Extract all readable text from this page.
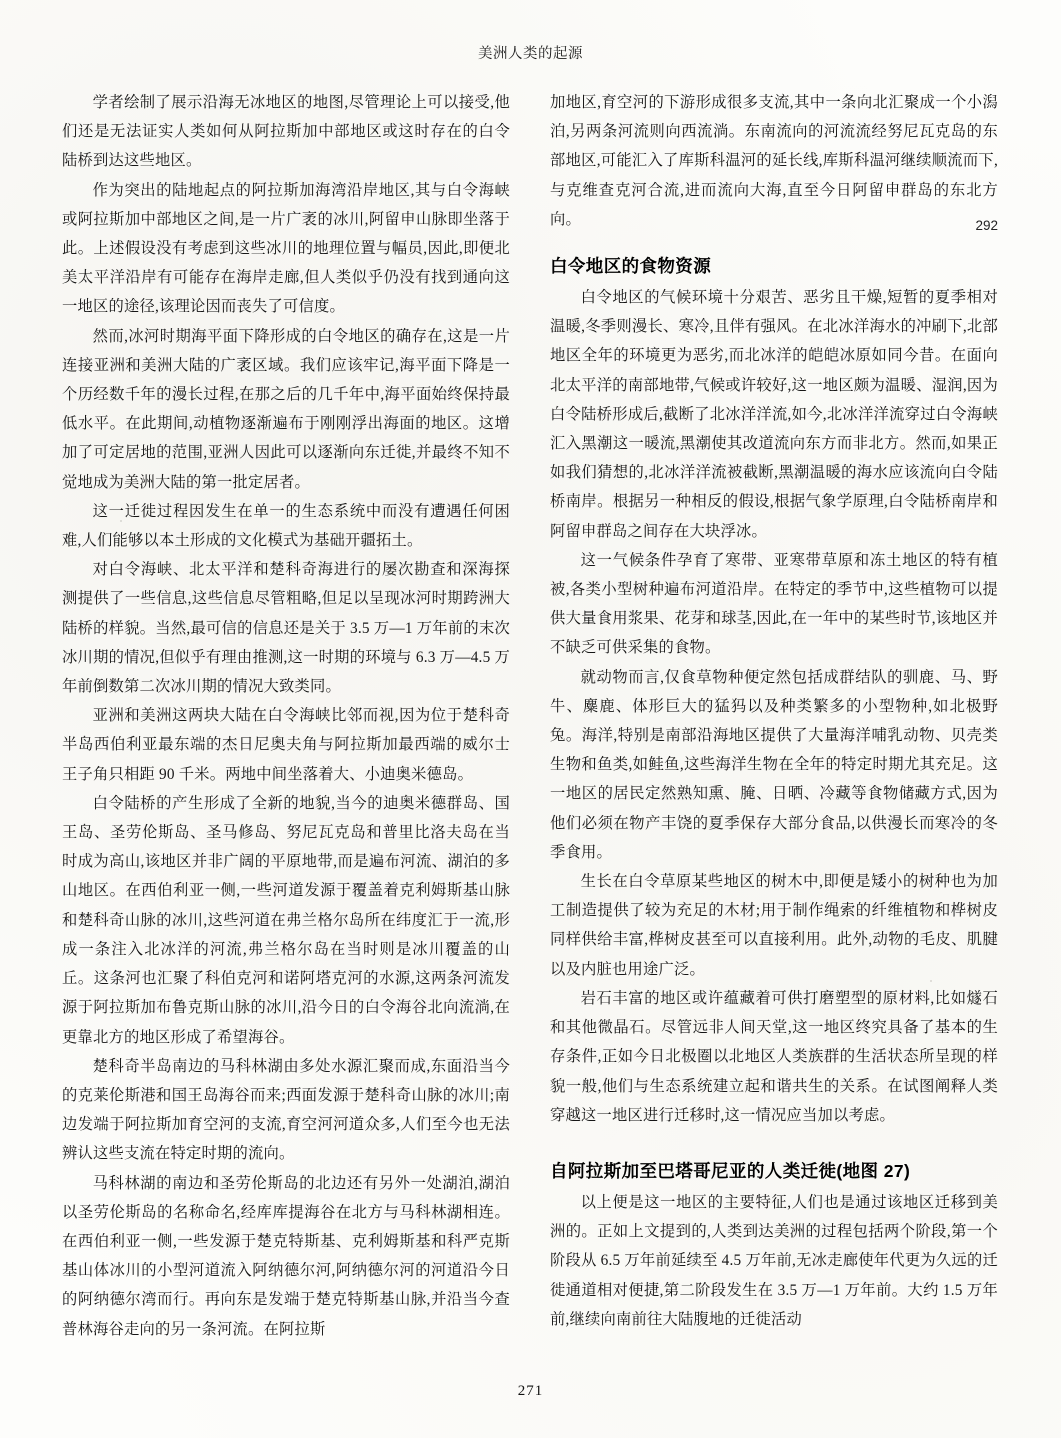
美洲人类的起源

学者绘制了展示沿海无冰地区的地图,尽管理论上可以接受,他们还是无法证实人类如何从阿拉斯加中部地区或这时存在的白令陆桥到达这些地区。

作为突出的陆地起点的阿拉斯加海湾沿岸地区,其与白令海峡或阿拉斯加中部地区之间,是一片广袤的冰川,阿留申山脉即坐落于此。上述假设没有考虑到这些冰川的地理位置与幅员,因此,即便北美太平洋沿岸有可能存在海岸走廊,但人类似乎仍没有找到通向这一地区的途径,该理论因而丧失了可信度。

然而,冰河时期海平面下降形成的白令地区的确存在,这是一片连接亚洲和美洲大陆的广袤区域。我们应该牢记,海平面下降是一个历经数千年的漫长过程,在那之后的几千年中,海平面始终保持最低水平。在此期间,动植物逐渐遍布于刚刚浮出海面的地区。这增加了可定居地的范围,亚洲人因此可以逐渐向东迁徙,并最终不知不觉地成为美洲大陆的第一批定居者。

这一迁徙过程因发生在单一的生态系统中而没有遭遇任何困难,人们能够以本土形成的文化模式为基础开疆拓土。

对白令海峡、北太平洋和楚科奇海进行的屡次勘查和深海探测提供了一些信息,这些信息尽管粗略,但足以呈现冰河时期跨洲大陆桥的样貌。当然,最可信的信息还是关于 3.5 万—1 万年前的末次冰川期的情况,但似乎有理由推测,这一时期的环境与 6.3 万—4.5 万年前倒数第二次冰川期的情况大致类同。

亚洲和美洲这两块大陆在白令海峡比邻而视,因为位于楚科奇半岛西伯利亚最东端的杰日尼奥夫角与阿拉斯加最西端的威尔士王子角只相距 90 千米。两地中间坐落着大、小迪奥米德岛。

白令陆桥的产生形成了全新的地貌,当今的迪奥米德群岛、国王岛、圣劳伦斯岛、圣马修岛、努尼瓦克岛和普里比洛夫岛在当时成为高山,该地区并非广阔的平原地带,而是遍布河流、湖泊的多山地区。在西伯利亚一侧,一些河道发源于覆盖着克利姆斯基山脉和楚科奇山脉的冰川,这些河道在弗兰格尔岛所在纬度汇于一流,形成一条注入北冰洋的河流,弗兰格尔岛在当时则是冰川覆盖的山丘。这条河也汇聚了科伯克河和诺阿塔克河的水源,这两条河流发源于阿拉斯加布鲁克斯山脉的冰川,沿今日的白令海谷北向流淌,在更靠北方的地区形成了希望海谷。

楚科奇半岛南边的马科林湖由多处水源汇聚而成,东面沿当今的克莱伦斯港和国王岛海谷而来;西面发源于楚科奇山脉的冰川;南边发端于阿拉斯加育空河的支流,育空河河道众多,人们至今也无法辨认这些支流在特定时期的流向。

马科林湖的南边和圣劳伦斯岛的北边还有另外一处湖泊,湖泊以圣劳伦斯岛的名称命名,经库库提海谷在北方与马科林湖相连。在西伯利亚一侧,一些发源于楚克特斯基、克利姆斯基和科严克斯基山体冰川的小型河道流入阿纳德尔河,阿纳德尔河的河道沿今日的阿纳德尔湾而行。再向东是发端于楚克特斯基山脉,并沿当今查普林海谷走向的另一条河流。在阿拉斯

加地区,育空河的下游形成很多支流,其中一条向北汇聚成一个小潟泊,另两条河流则向西流淌。东南流向的河流流经努尼瓦克岛的东部地区,可能汇入了库斯科温河的延长线,库斯科温河继续顺流而下,与克维查克河合流,进而流向大海,直至今日阿留申群岛的东北方向。	292
白令地区的食物资源

白令地区的气候环境十分艰苦、恶劣且干燥,短暂的夏季相对温暖,冬季则漫长、寒冷,且伴有强风。在北冰洋海水的冲刷下,北部地区全年的环境更为恶劣,而北冰洋的皑皑冰原如同今昔。在面向北太平洋的南部地带,气候或许较好,这一地区颇为温暖、湿润,因为白令陆桥形成后,截断了北冰洋洋流,如今,北冰洋洋流穿过白令海峡汇入黑潮这一暖流,黑潮使其改道流向东方而非北方。然而,如果正如我们猜想的,北冰洋洋流被截断,黑潮温暖的海水应该流向白令陆桥南岸。根据另一种相反的假设,根据气象学原理,白令陆桥南岸和阿留申群岛之间存在大块浮冰。

这一气候条件孕育了寒带、亚寒带草原和冻土地区的特有植被,各类小型树种遍布河道沿岸。在特定的季节中,这些植物可以提供大量食用浆果、花芽和球茎,因此,在一年中的某些时节,该地区并不缺乏可供采集的食物。

就动物而言,仅食草物种便定然包括成群结队的驯鹿、马、野牛、麋鹿、体形巨大的猛犸以及种类繁多的小型物种,如北极野兔。海洋,特别是南部沿海地区提供了大量海洋哺乳动物、贝壳类生物和鱼类,如鲑鱼,这些海洋生物在全年的特定时期尤其充足。这一地区的居民定然熟知熏、腌、日晒、冷藏等食物储藏方式,因为他们必须在物产丰饶的夏季保存大部分食品,以供漫长而寒冷的冬季食用。

生长在白令草原某些地区的树木中,即便是矮小的树种也为加工制造提供了较为充足的木材;用于制作绳索的纤维植物和桦树皮同样供给丰富,桦树皮甚至可以直接利用。此外,动物的毛皮、肌腱以及内脏也用途广泛。

岩石丰富的地区或许蕴藏着可供打磨塑型的原材料,比如燧石和其他微晶石。尽管远非人间天堂,这一地区终究具备了基本的生存条件,正如今日北极圈以北地区人类族群的生活状态所呈现的样貌一般,他们与生态系统建立起和谐共生的关系。在试图阐释人类穿越这一地区进行迁移时,这一情况应当加以考虑。

自阿拉斯加至巴塔哥尼亚的人类迁徙(地图 27)

以上便是这一地区的主要特征,人们也是通过该地区迁移到美洲的。正如上文提到的,人类到达美洲的过程包括两个阶段,第一个阶段从 6.5 万年前延续至 4.5 万年前,无冰走廊使年代更为久远的迁徙通道相对便捷,第二阶段发生在 3.5 万—1 万年前。大约 1.5 万年前,继续向南前往大陆腹地的迁徙活动

271
